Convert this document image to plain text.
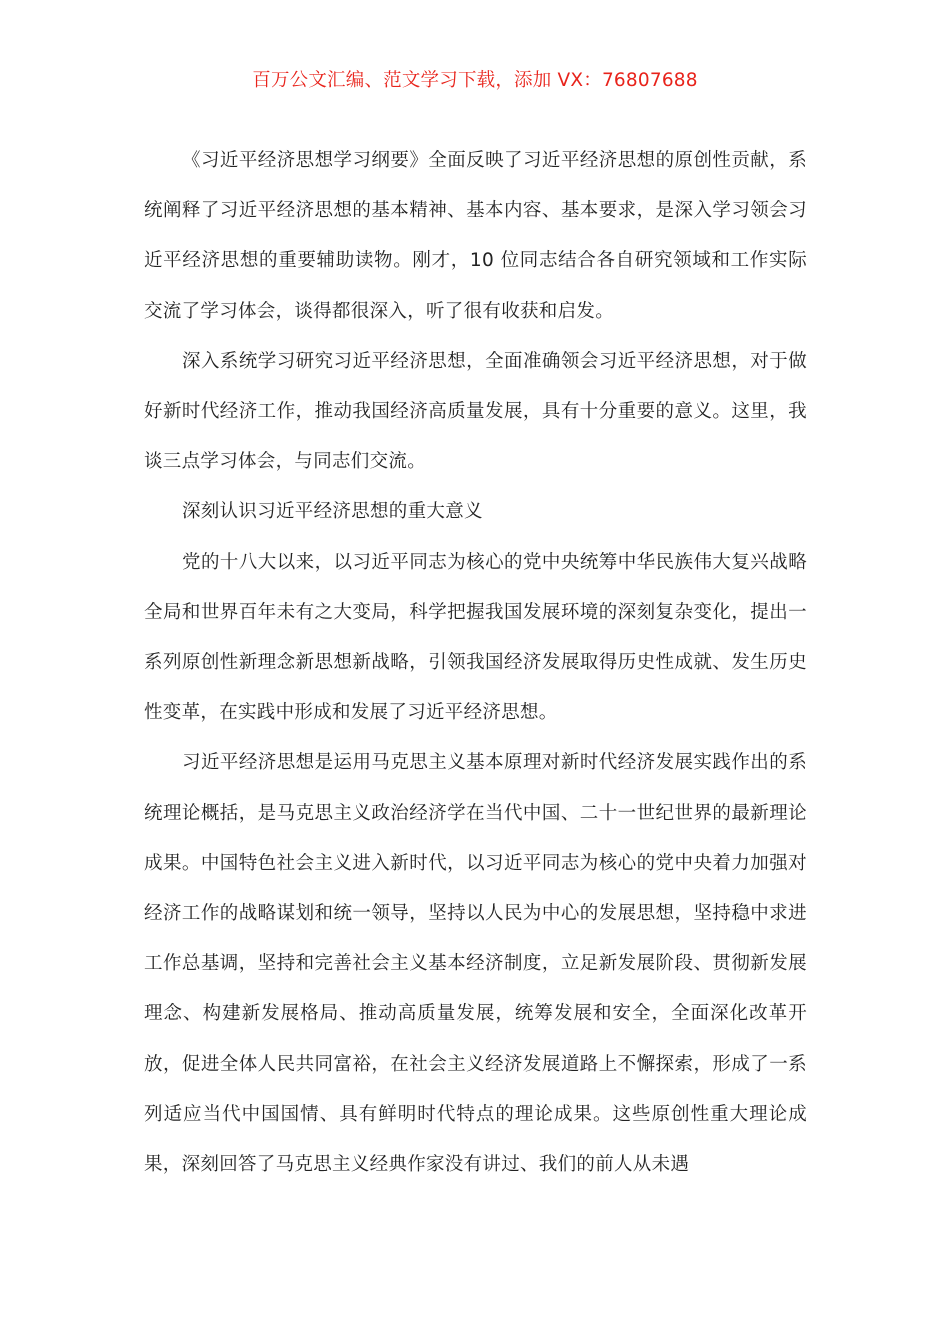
百万公文汇编、范文学习下载，添加 VX：76807688

《习近平经济思想学习纲要》全面反映了习近平经济思想的原创性贡献，系统阐释了习近平经济思想的基本精神、基本内容、基本要求，是深入学习领会习近平经济思想的重要辅助读物。刚才，10 位同志结合各自研究领域和工作实际交流了学习体会，谈得都很深入，听了很有收获和启发。

深入系统学习研究习近平经济思想，全面准确领会习近平经济思想，对于做好新时代经济工作，推动我国经济高质量发展，具有十分重要的意义。这里，我谈三点学习体会，与同志们交流。

深刻认识习近平经济思想的重大意义

党的十八大以来，以习近平同志为核心的党中央统筹中华民族伟大复兴战略全局和世界百年未有之大变局，科学把握我国发展环境的深刻复杂变化，提出一系列原创性新理念新思想新战略，引领我国经济发展取得历史性成就、发生历史性变革，在实践中形成和发展了习近平经济思想。

习近平经济思想是运用马克思主义基本原理对新时代经济发展实践作出的系统理论概括，是马克思主义政治经济学在当代中国、二十一世纪世界的最新理论成果。中国特色社会主义进入新时代，以习近平同志为核心的党中央着力加强对经济工作的战略谋划和统一领导，坚持以人民为中心的发展思想，坚持稳中求进工作总基调，坚持和完善社会主义基本经济制度，立足新发展阶段、贯彻新发展理念、构建新发展格局、推动高质量发展，统筹发展和安全，全面深化改革开放，促进全体人民共同富裕，在社会主义经济发展道路上不懈探索，形成了一系列适应当代中国国情、具有鲜明时代特点的理论成果。这些原创性重大理论成果，深刻回答了马克思主义经典作家没有讲过、我们的前人从未遇
